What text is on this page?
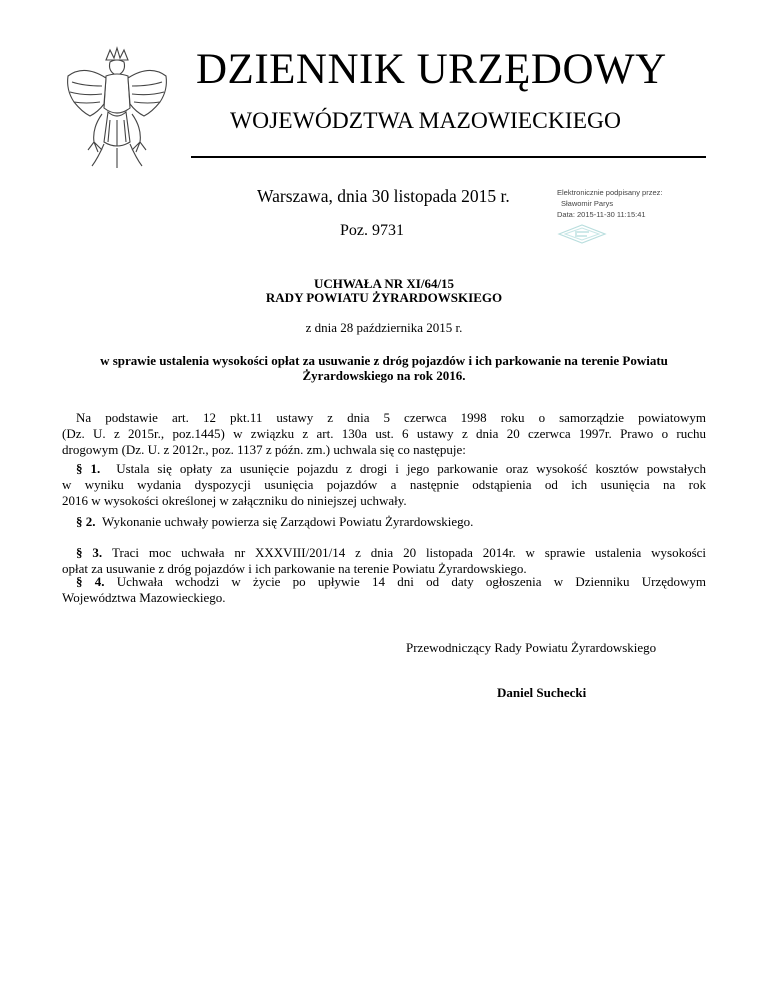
DZIENNIK URZĘDOWY
WOJEWÓDZTWA MAZOWIECKIEGO
Warszawa, dnia 30 listopada 2015 r.
Poz. 9731
Elektronicznie podpisany przez:
Sławomir Parys
Data: 2015-11-30 11:15:41
UCHWAŁA NR XI/64/15
RADY POWIATU ŻYRARDOWSKIEGO
z dnia 28 października 2015 r.
w sprawie ustalenia wysokości opłat za usuwanie z dróg pojazdów i ich parkowanie na terenie Powiatu
Żyrardowskiego na rok 2016.
Na podstawie art. 12 pkt.11 ustawy z dnia 5 czerwca 1998 roku o samorządzie powiatowym
(Dz. U. z 2015r., poz.1445) w związku z art. 130a ust. 6 ustawy z dnia 20 czerwca 1997r. Prawo o ruchu
drogowym (Dz. U. z 2012r., poz. 1137 z późn. zm.) uchwala się co następuje:
§ 1. Ustala się opłaty za usunięcie pojazdu z drogi i jego parkowanie oraz wysokość kosztów powstałych
w wyniku wydania dyspozycji usunięcia pojazdów a następnie odstąpienia od ich usunięcia na rok
2016 w wysokości określonej w załączniku do niniejszej uchwały.
§ 2. Wykonanie uchwały powierza się Zarządowi Powiatu Żyrardowskiego.
§ 3. Traci moc uchwała nr XXXVIII/201/14 z dnia 20 listopada 2014r. w sprawie ustalenia wysokości
opłat za usuwanie z dróg pojazdów i ich parkowanie na terenie Powiatu Żyrardowskiego.
§ 4. Uchwała wchodzi w życie po upływie 14 dni od daty ogłoszenia w Dzienniku Urzędowym
Województwa Mazowieckiego.
Przewodniczący Rady Powiatu Żyrardowskiego
Daniel Suchecki
